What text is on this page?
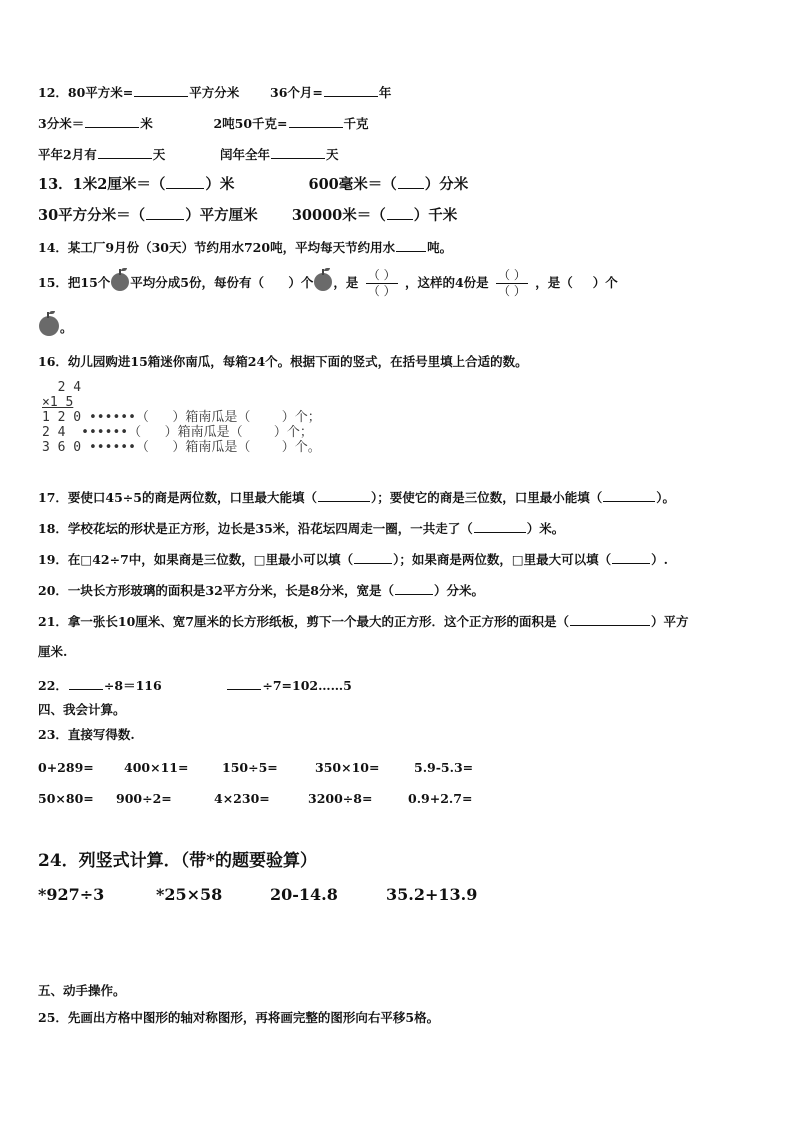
12．80平方米=	平方分米 36个月=	年
3分米＝	米	2吨50千克=	千克
平年2月有	天	闰年全年	天
13．1米2厘米＝（	）米	600毫米＝（ ）分米
30平方分米＝（	）平方厘米 30000米＝（ ）千米
14．某工厂9月份（30天）节约用水720吨，平均每天节约用水	吨。
15．把15个 平均分成5份，每份有（ ）个 ，是 $\frac{( )}{( )}$ ，这样的4份是 $\frac{( )}{( )}$ ，是（ ）个
。
16．幼儿园购进15箱迷你南瓜，每箱24个。根据下面的竖式，在括号里填上合适的数。
2 4
×1 5
1 2 0 ••••••（   ）箱南瓜是（    ）个；
2 4  ••••••（   ）箱南瓜是（    ）个；
3 6 0 ••••••（   ）箱南瓜是（    ）个。
17．要使口45÷5的商是两位数，口里最大能填（	）；要使它的商是三位数，口里最小能填（	）。
18．学校花坛的形状是正方形，边长是35米，沿花坛四周走一圈，一共走了（	）米。
19．在□42÷7中，如果商是三位数，□里最小可以填（	）；如果商是两位数，□里最大可以填（	）.
20．一块长方形玻璃的面积是32平方分米，长是8分米，宽是（	）分米。
21．拿一张长10厘米、宽7厘米的长方形纸板，剪下一个最大的正方形．这个正方形的面积是（	）平方
厘米.
22．	÷8＝116	÷7=102……5
四、我会计算。
23．直接写得数.
0+289= 400×11=	150÷5=	350×10=	5.9-5.3=
50×80= 900÷2=	4×230=	3200÷8=	0.9+2.7=
24．列竖式计算．（带*的题要验算）
*927÷3	*25×58	20-14.8	35.2+13.9
五、动手操作。
25．先画出方格中图形的轴对称图形，再将画完整的图形向右平移5格。
